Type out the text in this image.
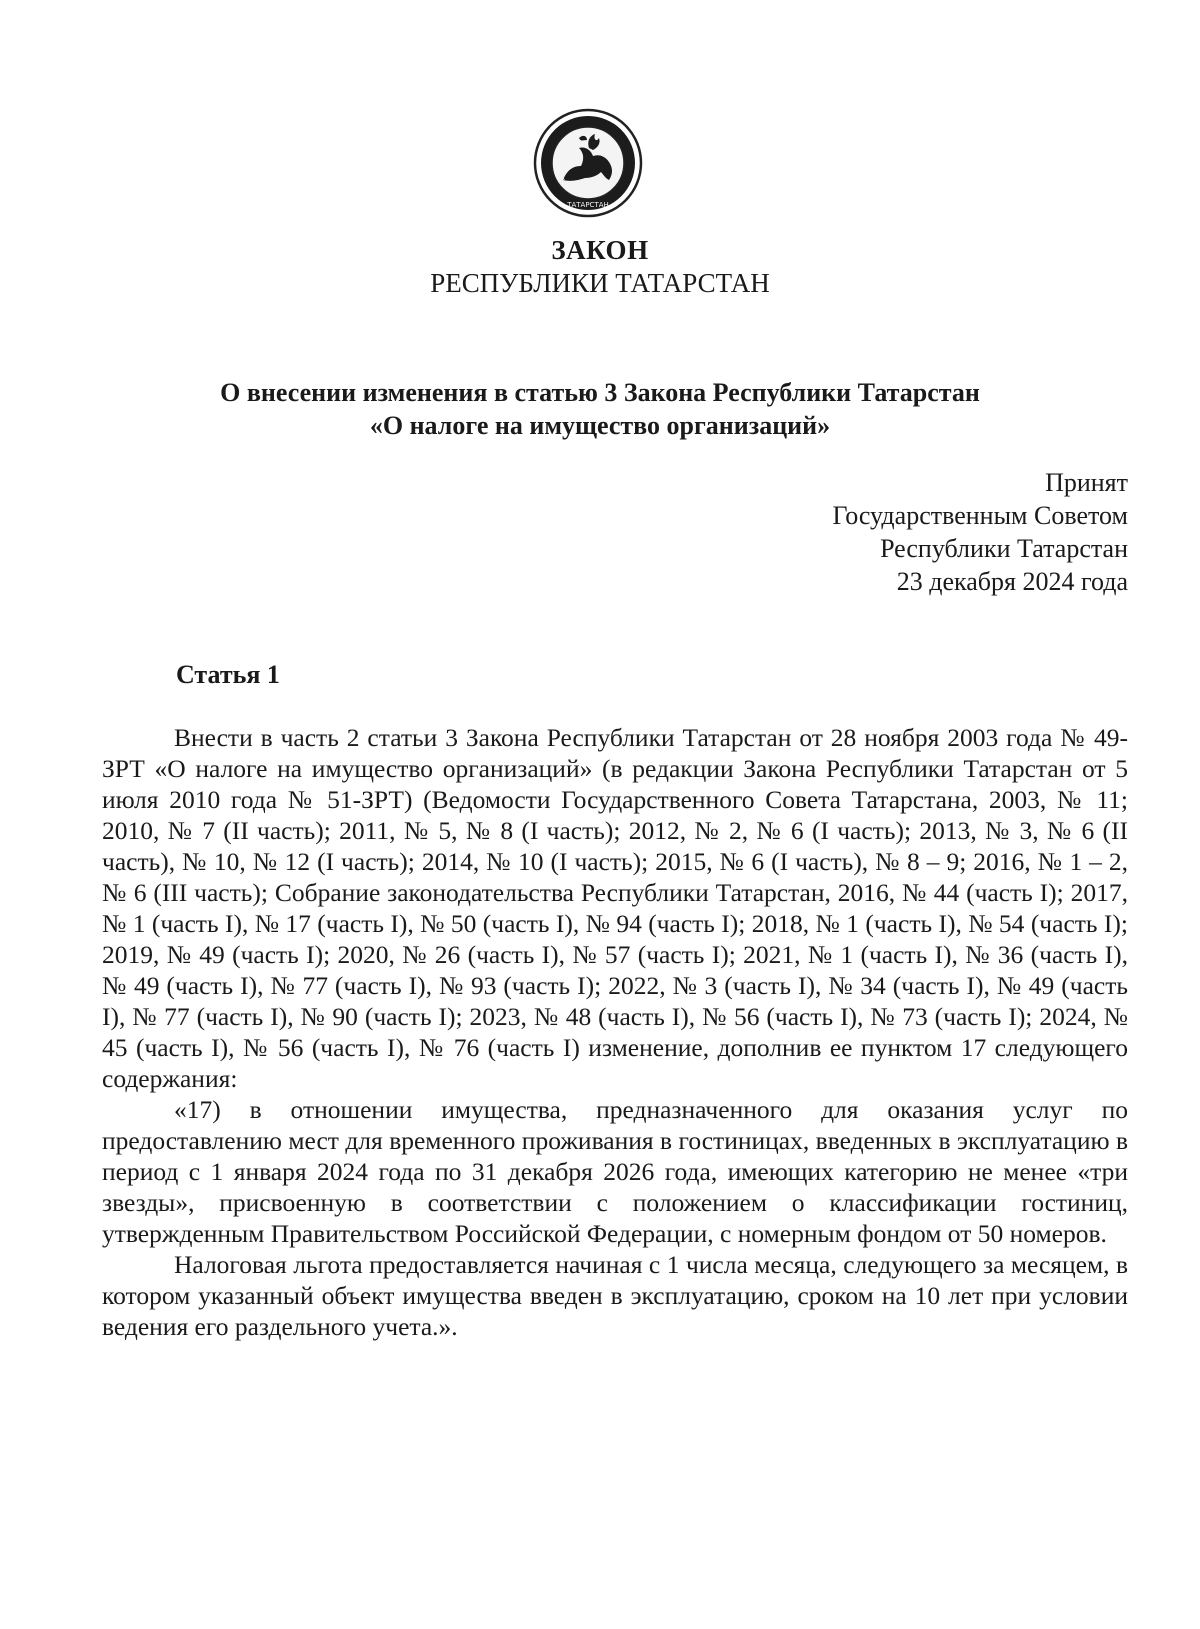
ТАТАРСТАН
ЗАКОН
РЕСПУБЛИКИ ТАТАРСТАН
О внесении изменения в статью 3 Закона Республики Татарстан
«О налоге на имущество организаций»
Принят
Государственным Советом
Республики Татарстан
23 декабря 2024 года
Статья 1

Внести в часть 2 статьи 3 Закона Республики Татарстан от 28 ноября 2003 года № 49-ЗРТ «О налоге на имущество организаций» (в редакции Закона Республики Татарстан от 5 июля 2010 года № 51-ЗРТ) (Ведомости Государственного Совета Татарстана, 2003, № 11; 2010, № 7 (II часть); 2011, № 5, № 8 (I часть); 2012, № 2, № 6 (I часть); 2013, № 3, № 6 (II часть), № 10, № 12 (I часть); 2014, № 10 (I часть); 2015, № 6 (I часть), № 8 – 9; 2016, № 1 – 2, № 6 (III часть); Собрание законодательства Республики Татарстан, 2016, № 44 (часть I); 2017, № 1 (часть I), № 17 (часть I), № 50 (часть I), № 94 (часть I); 2018, № 1 (часть I), № 54 (часть I); 2019, № 49 (часть I); 2020, № 26 (часть I), № 57 (часть I); 2021, № 1 (часть I), № 36 (часть I), № 49 (часть I), № 77 (часть I), № 93 (часть I); 2022, № 3 (часть I), № 34 (часть I), № 49 (часть I), № 77 (часть I), № 90 (часть I); 2023, № 48 (часть I), № 56 (часть I), № 73 (часть I); 2024, № 45 (часть I), № 56 (часть I), № 76 (часть I) изменение, дополнив ее пунктом 17 следующего содержания:

«17) в отношении имущества, предназначенного для оказания услуг по предоставлению мест для временного проживания в гостиницах, введенных в эксплуатацию в период с 1 января 2024 года по 31 декабря 2026 года, имеющих категорию не менее «три звезды», присвоенную в соответствии с положением о классификации гостиниц, утвержденным Правительством Российской Федерации, с номерным фондом от 50 номеров.

Налоговая льгота предоставляется начиная с 1 числа месяца, следующего за месяцем, в котором указанный объект имущества введен в эксплуатацию, сроком на 10 лет при условии ведения его раздельного учета.».
